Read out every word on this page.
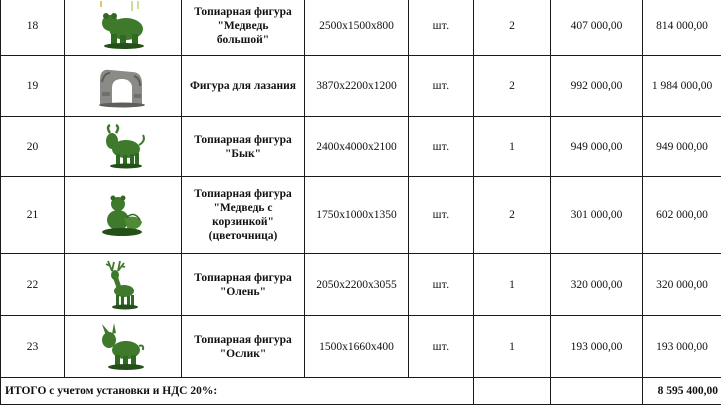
18		Топиарная фигура
"Медведь
большой"	2500x1500x800	шт.	2	407 000,00	814 000,00
19		Фигура для лазания	3870x2200x1200	шт.	2	992 000,00	1 984 000,00
20		Топиарная фигура
"Бык"	2400x4000x2100	шт.	1	949 000,00	949 000,00
21		Топиарная фигура
"Медведь с
корзинкой"
(цветочница)	1750x1000x1350	шт.	2	301 000,00	602 000,00
22		Топиарная фигура
"Олень"	2050x2200x3055	шт.	1	320 000,00	320 000,00
23		Топиарная фигура
"Ослик"	1500x1660x400	шт.	1	193 000,00	193 000,00
ИТОГО с учетом установки и НДС 20%:							8 595 400,00
